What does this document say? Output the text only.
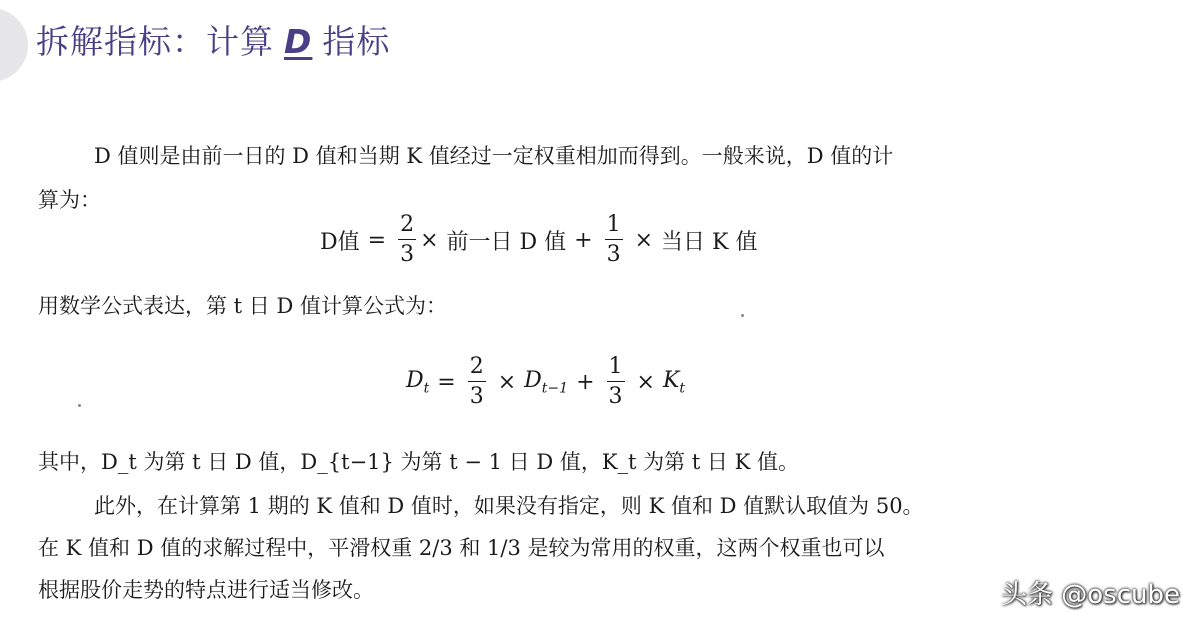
拆解指标：计算 D 指标
D 值则是由前一日的 D 值和当期 K 值经过一定权重相加而得到。一般来说，D 值的计
算为：
D值 = $\frac{2}{3}$ × 前一日 D 值 + $\frac{1}{3}$ × 当日 K 值
用数学公式表达，第 t 日 D 值计算公式为：
$D_t = \frac{2}{3} \times D_{t-1} + \frac{1}{3} \times K_t$
其中，D_t 为第 t 日 D 值，D_{t−1} 为第 t − 1 日 D 值，K_t 为第 t 日 K 值。
此外，在计算第 1 期的 K 值和 D 值时，如果没有指定，则 K 值和 D 值默认取值为 50。
在 K 值和 D 值的求解过程中，平滑权重 2/3 和 1/3 是较为常用的权重，这两个权重也可以
根据股价走势的特点进行适当修改。	头条 @oscube
